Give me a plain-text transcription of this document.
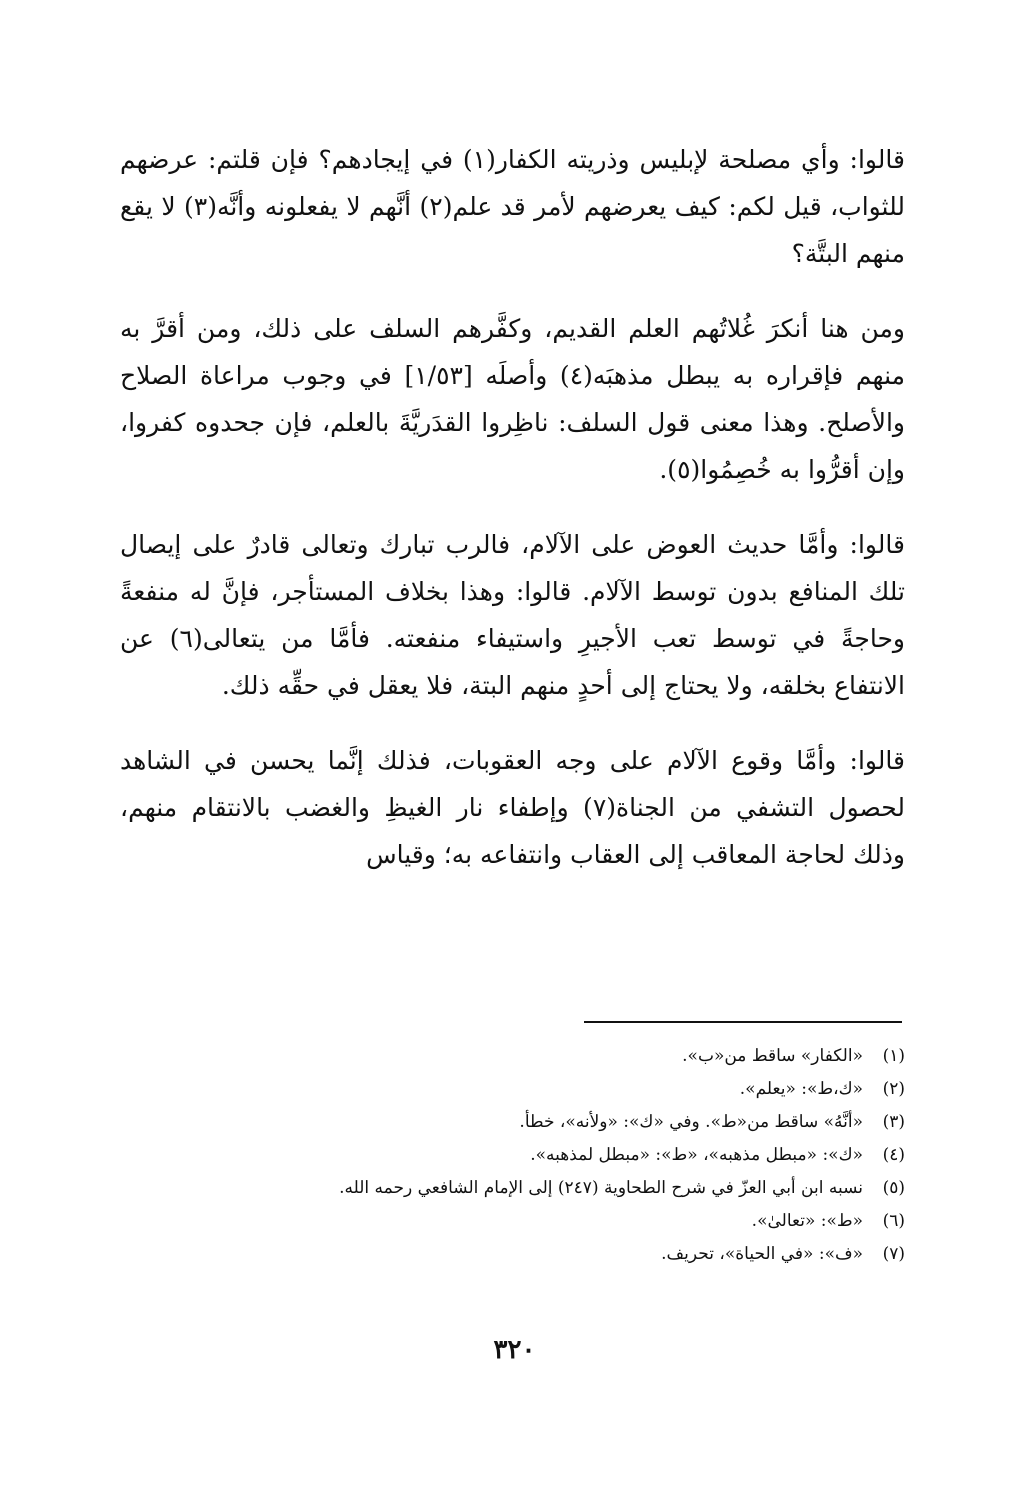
قالوا: وأي مصلحة لإبليس وذريته الكفار(١) في إيجادهم؟ فإن قلتم: عرضهم للثواب، قيل لكم: كيف يعرضهم لأمر قد علم(٢) أنَّهم لا يفعلونه وأنَّه(٣) لا يقع منهم البتَّة؟

ومن هنا أنكرَ غُلاتُهم العلم القديم، وكفَّرهم السلف على ذلك، ومن أقرَّ به منهم فإقراره به يبطل مذهبَه(٤) وأصلَه [١/٥٣] في وجوب مراعاة الصلاح والأصلح. وهذا معنى قول السلف: ناظِروا القدَريَّةَ بالعلم، فإن جحدوه كفروا، وإن أقرُّوا به خُصِمُوا(٥).

قالوا: وأمَّا حديث العوض على الآلام، فالرب تبارك وتعالى قادرٌ على إيصال تلك المنافع بدون توسط الآلام. قالوا: وهذا بخلاف المستأجر، فإنَّ له منفعةً وحاجةً في توسط تعب الأجيرِ واستيفاء منفعته. فأمَّا من يتعالى(٦) عن الانتفاع بخلقه، ولا يحتاج إلى أحدٍ منهم البتة، فلا يعقل في حقِّه ذلك.

قالوا: وأمَّا وقوع الآلام على وجه العقوبات، فذلك إنَّما يحسن في الشاهد لحصول التشفي من الجناة(٧) وإطفاء نار الغيظِ والغضب بالانتقام منهم، وذلك لحاجة المعاقب إلى العقاب وانتفاعه به؛ وقياس

(١)
«الكفار» ساقط من«ب».
(٢)
«ك،ط»: «يعلم».
(٣)
«أنَّهُ» ساقط من«ط». وفي «ك»: «ولأنه»، خطأ.
(٤)
«ك»: «مبطل مذهبه»، «ط»: «مبطل لمذهبه».
(٥)
نسبه ابن أبي العزّ في شرح الطحاوية (٢٤٧) إلى الإمام الشافعي رحمه الله.
(٦)
«ط»: «تعالىٰ».
(٧)
«ف»: «في الحياة»، تحريف.
٣٢٠
